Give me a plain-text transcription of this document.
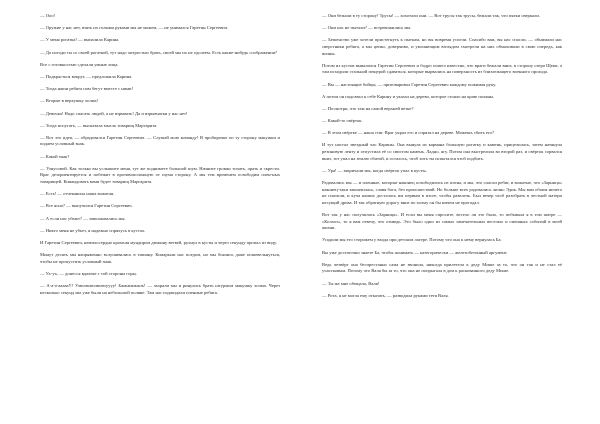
— Ооо!

— Оружие у нас нет, взять их голыми руками мы не можем, — не унимался Гаретин Сергеевич.

— У меня рогатка! — выпалила Карина.

— Да погоди ты со своей рогаткой, тут надо хитростью брать, своей мы их не одолеем. Есть какие-нибудь соображения?

Все с готовностью сделали умные лица.

— Подкрасться вокруг, — предложила Карина.

— Тогда наши ребята пом бегут вместе с ними!

— Вторые в верхушку холма!

— Девочка! Надо спасать людей, а не взрывать! Да и взрывчатки у нас нет!

— Тогда испугать, — высказала мысль товарищ Маргарита.

— Вот это идея, — обрадовался Гаретин Сергеевич. — Слушай мою команду! В пробирочке по ту сторону макушки и подаем условный знак.

— Какой знак?

— Узнусовой. Как только вы услышите меня, тут же поднимете большой шум. Начните громко топать, орать и скрести. Враг дезориентируется и побежит в противоположную от шума сторону. А мы тем временем освободим плен-ных товарищей. Командовать вами будет товарищ Маргарита.

— Есть! — отчеканила наша вожатая.

— Все ясно? — выпучился Гаретин Сергеевич.

— А если нас убьют? — заволновались мы.

— Никто меня не убьет, я надежно спрячусь в кустах.

И Гаретин Сергеевич, немилосердно кромсая мундиром дюжину ветвей, рухнул в кусты и через секунду пропал из виду.

Минут десять мы напряженно вслушивались в тишину. Комарыли нас поедом, но мы боялись даже пошевельнуться, чтобы не пропустить условный знак.

— Ух-ух, — донесся вдалеке с той стороны горы.

— А-а-а-ааааа!!! Улюлюлюлюлюуууу! Бжжжжжжзь! — заорали мы и ринулись брать штурмом макушку холма. Через несколько секунд мы уже были на небольшой поляне. Там нас поджидали пленные ребята.

— Они бежали в ту сторону! Трусы! — хохотали они. — Вот трусы так трусы, бежали так, что пятки сверкали.

— Они нас не пытали? — встревожились мы.

— Бешенство уже хотели пристегнуть к пыткам, но вы вовремя успели. Спасибо вам, вы нас спасли, — обнимали нас сверстники ребята, а мы цепко, доверчиво, и умоляющим взглядом смотрели на них обмахивали в свою очередь, как воины.

Потом из кустов вывалился Гаретин Сергеевич и бодро пошел известно, что враги бежали вниз, в сторону озера Щеки, а там исходили стальной пещерой сдаваться, которые вырвались на поверхность из близлежащего военного прохода.

— Вы — настоящие бойцы, — приговаривал Гаретин Сергеевич каждому пожимая руку.

А потом он подозвал к себе Карину и указал на дерево, которое стояло на краю поляны.

— Посмотри, что там на самой верхней ветке?

— Какой-то свёрток.

— В этом свёртке — наша стяг. Враг украл его и спрятал на дереве. Можешь сбить его?

И тут настал звездный час Карины. Она вынула из кармана большую рогатку и камень, прицелилась, затем натянула резиновую ленту и отпустила её со свистом камень. Ладно, ягу. Потом она выстрелила во второй раз, и свёрток сорвался вниз, тот упал на землю сбитой, и осталось, чтоб хоть ты испытался чтоб подбить.

— Ура! — закричали мы, когда свёрток упал в кусты.

Радовались мы — и пленные, которые наконец освободились из плена, и мы, что спасли ребят, и вожатые, что «Зарница» наконец-таки закончилась, славя бога, без происшествий. Но больше всех радовались лично Эдик. Мы вам обоим ничего не платили, и куча наших досталась им первым в итоге, чтобы развлечь. Был вечер чтоб разобрать в честной матери несущий дрова. И так обратную дорогу вниз по холму он бы ничем не прогадал.

Вот так у нас получилась «Зарница». И если вы меня спросите, весело ли это было, то побывала я в том шатре — «Колхоз», то я вам отвечу, что отнюдь. Это было одно из самых замечательных веселых и смешных событий в моей жизни.

Усадили мы его сторожем у входа при детском лагере. Потому что она к нему вернулась Ба.

Вы уже достаточно знаете Ба, чтобы понимать — категорически — железобетонный аргумент.

Ведь четвёрг она беспрестанно сама не звонила, никогда прилетела к деду Мише за то, что он так и не стал её участковым. Потому что Валя бы за то, что она не попрыгала в дом к раскованного деду Мише.

— Ты же мне обещала, Валя!

— Рота, я не могла ему отказать, — разводила руками тетя Валя.
